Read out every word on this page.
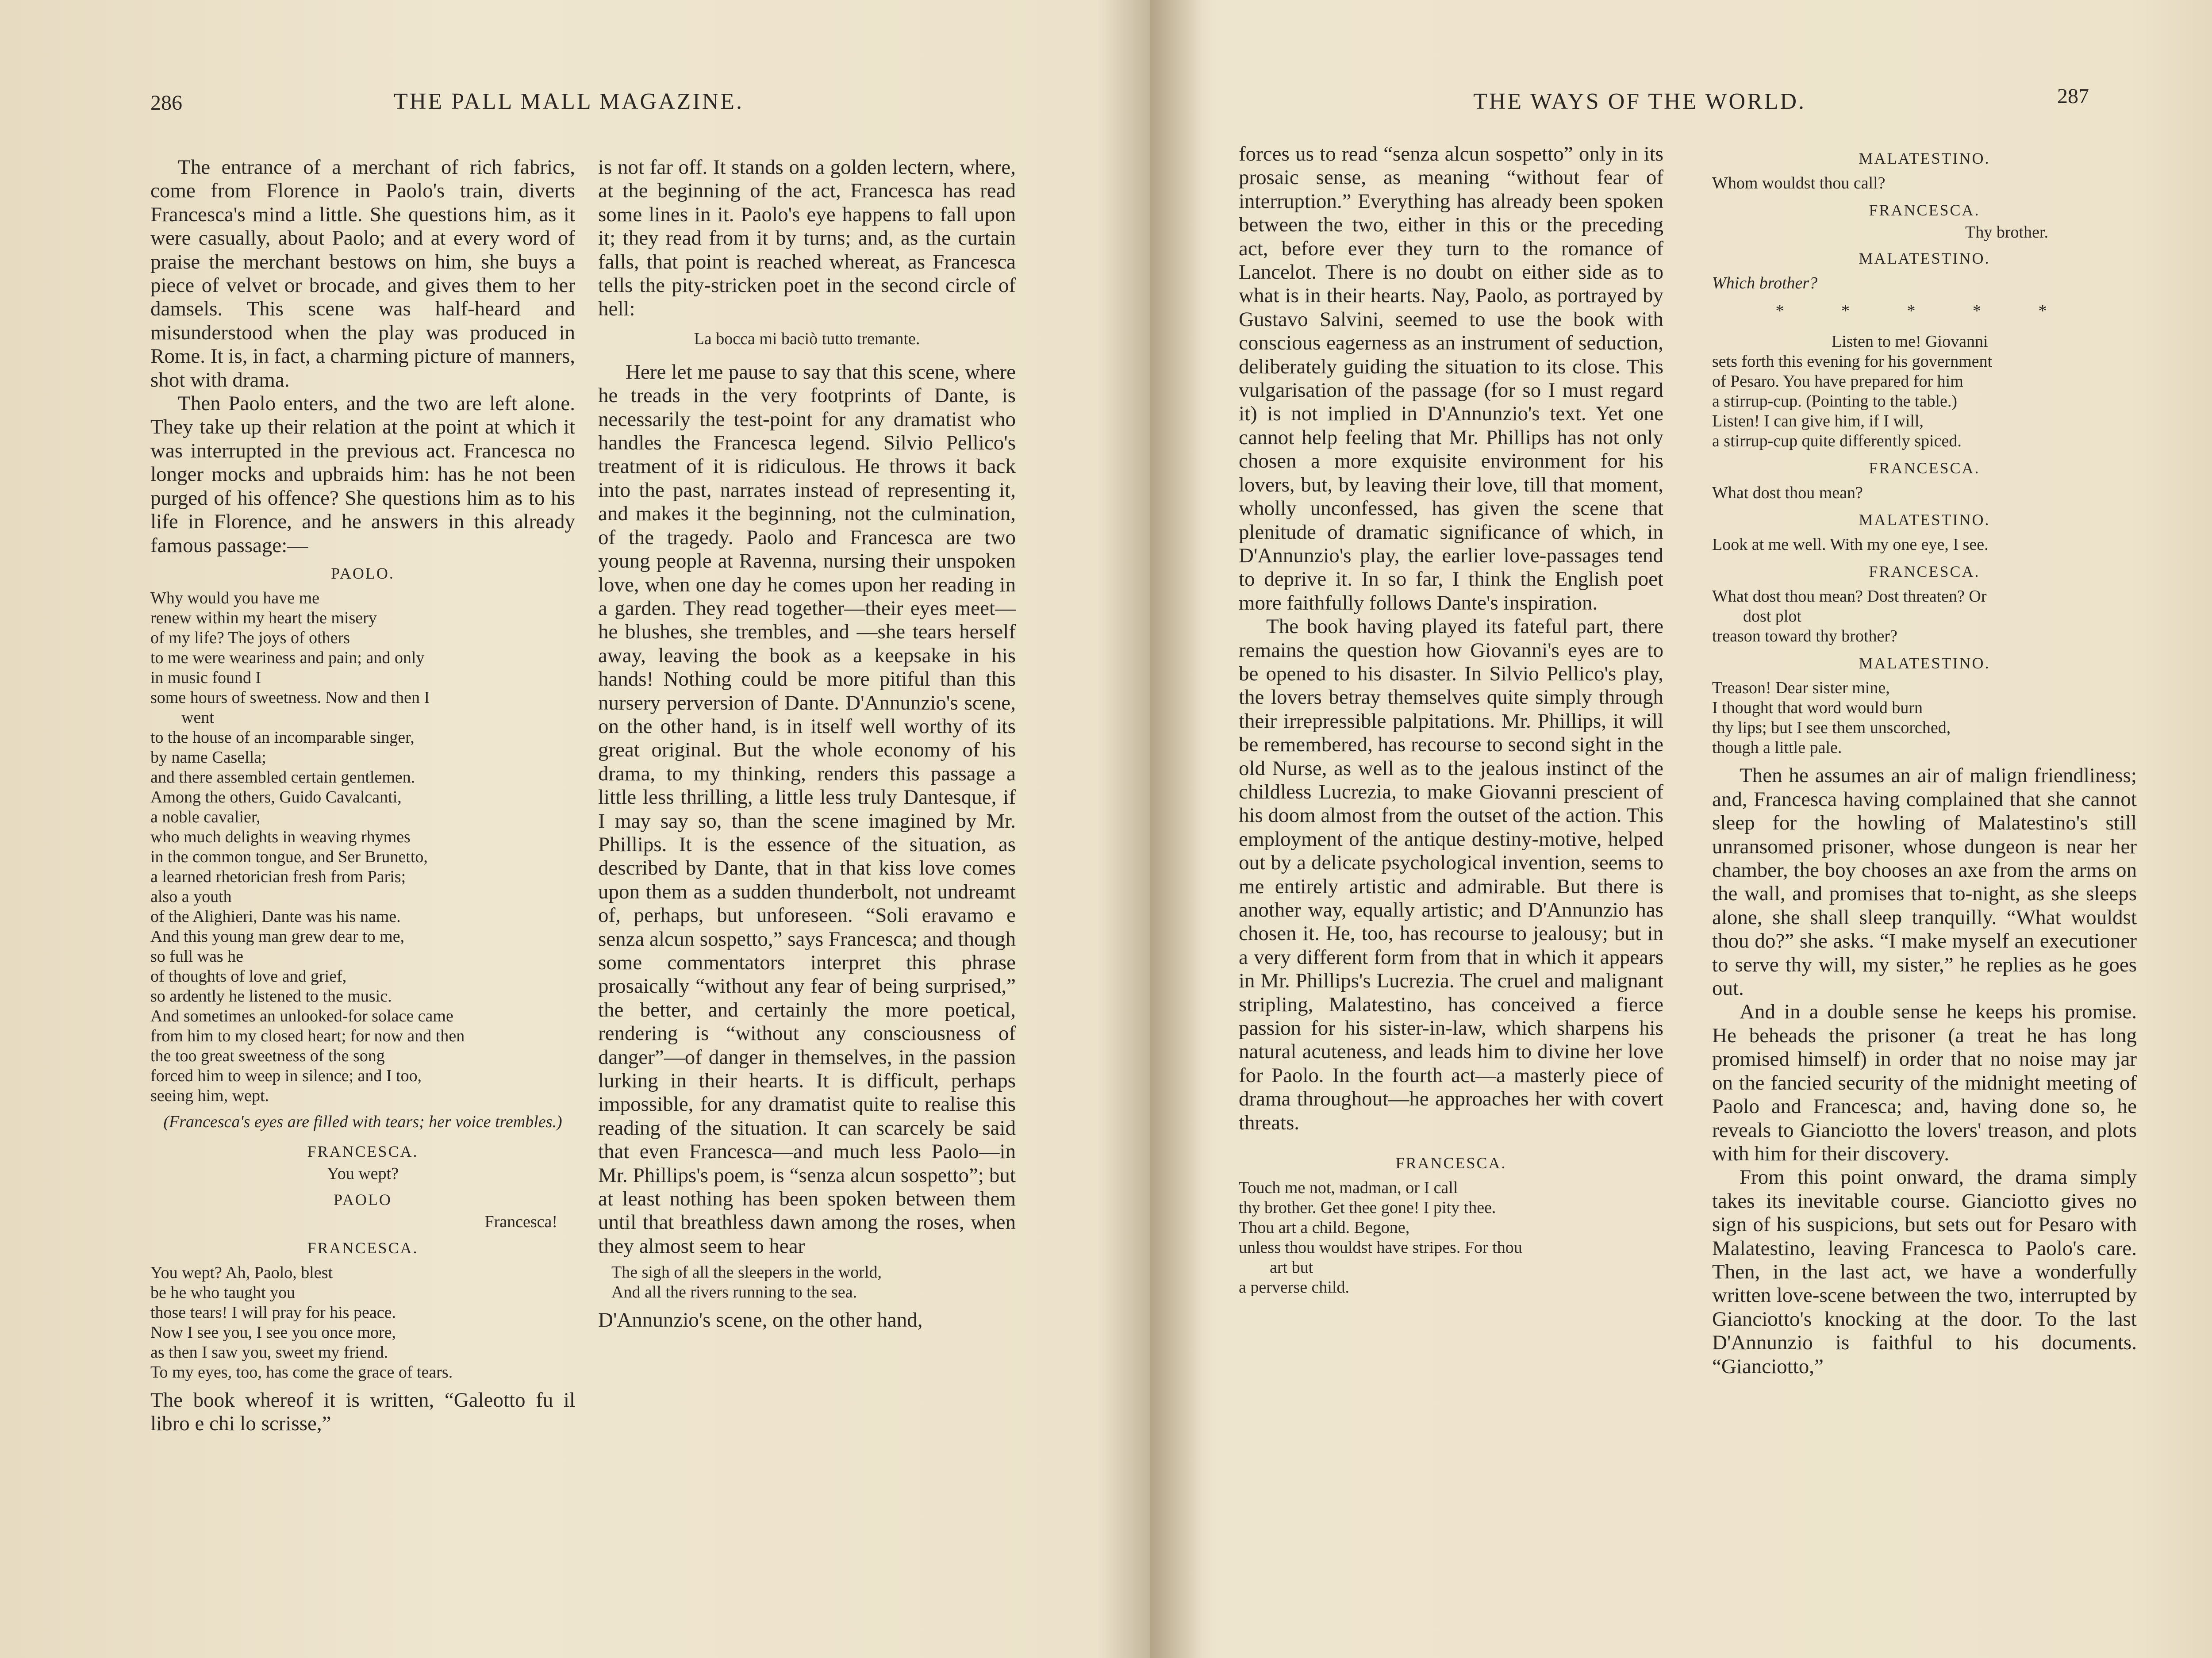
286	THE PALL MALL MAGAZINE.

The entrance of a merchant of rich fabrics, come from Florence in Paolo's train, diverts Francesca's mind a little. She questions him, as it were casually, about Paolo; and at every word of praise the merchant bestows on him, she buys a piece of velvet or brocade, and gives them to her damsels. This scene was half-heard and misunderstood when the play was produced in Rome. It is, in fact, a charming picture of manners, shot with drama.

Then Paolo enters, and the two are left alone. They take up their relation at the point at which it was interrupted in the previous act. Francesca no longer mocks and upbraids him: has he not been purged of his offence? She questions him as to his life in Florence, and he answers in this already famous passage:—

PAOLO.
Why would you have me
renew within my heart the misery
of my life? The joys of others
to me were weariness and pain; and only
in music found I
some hours of sweetness. Now and then I
went
to the house of an incomparable singer,
by name Casella;
and there assembled certain gentlemen.
Among the others, Guido Cavalcanti,
a noble cavalier,
who much delights in weaving rhymes
in the common tongue, and Ser Brunetto,
a learned rhetorician fresh from Paris;
also a youth
of the Alighieri, Dante was his name.
And this young man grew dear to me,
so full was he
of thoughts of love and grief,
so ardently he listened to the music.
And sometimes an unlooked-for solace came
from him to my closed heart; for now and then
the too great sweetness of the song
forced him to weep in silence; and I too,
seeing him, wept.
(Francesca's eyes are filled with tears; her voice trembles.)
FRANCESCA.
You wept?
PAOLO
Francesca!
FRANCESCA.
You wept? Ah, Paolo, blest
be he who taught you
those tears! I will pray for his peace.
Now I see you, I see you once more,
as then I saw you, sweet my friend.
To my eyes, too, has come the grace of tears.

The book whereof it is written, “Galeotto fu il libro e chi lo scrisse,”

is not far off. It stands on a golden lectern, where, at the beginning of the act, Francesca has read some lines in it. Paolo's eye happens to fall upon it; they read from it by turns; and, as the curtain falls, that point is reached whereat, as Francesca tells the pity-stricken poet in the second circle of hell:

La bocca mi baciò tutto tremante.

Here let me pause to say that this scene, where he treads in the very footprints of Dante, is necessarily the test-point for any dramatist who handles the Francesca legend. Silvio Pellico's treatment of it is ridiculous. He throws it back into the past, narrates instead of representing it, and makes it the beginning, not the culmination, of the tragedy. Paolo and Francesca are two young people at Ravenna, nursing their unspoken love, when one day he comes upon her reading in a garden. They read together—their eyes meet—he blushes, she trembles, and —she tears herself away, leaving the book as a keepsake in his hands! Nothing could be more pitiful than this nursery perversion of Dante. D'Annunzio's scene, on the other hand, is in itself well worthy of its great original. But the whole economy of his drama, to my thinking, renders this passage a little less thrilling, a little less truly Dantesque, if I may say so, than the scene imagined by Mr. Phillips. It is the essence of the situation, as described by Dante, that in that kiss love comes upon them as a sudden thunderbolt, not undreamt of, perhaps, but unforeseen. “Soli eravamo e senza alcun sospetto,” says Francesca; and though some commentators interpret this phrase prosaically “without any fear of being surprised,” the better, and certainly the more poetical, rendering is “without any consciousness of danger”—of danger in themselves, in the passion lurking in their hearts. It is difficult, perhaps impossible, for any dramatist quite to realise this reading of the situation. It can scarcely be said that even Francesca—and much less Paolo—in Mr. Phillips's poem, is “senza alcun sospetto”; but at least nothing has been spoken between them until that breathless dawn among the roses, when they almost seem to hear

The sigh of all the sleepers in the world,
And all the rivers running to the sea.

D'Annunzio's scene, on the other hand,

THE WAYS OF THE WORLD.	287

forces us to read “senza alcun sospetto” only in its prosaic sense, as meaning “without fear of interruption.” Everything has already been spoken between the two, either in this or the preceding act, before ever they turn to the romance of Lancelot. There is no doubt on either side as to what is in their hearts. Nay, Paolo, as portrayed by Gustavo Salvini, seemed to use the book with conscious eagerness as an instrument of seduction, deliberately guiding the situation to its close. This vulgarisation of the passage (for so I must regard it) is not implied in D'Annunzio's text. Yet one cannot help feeling that Mr. Phillips has not only chosen a more exquisite environment for his lovers, but, by leaving their love, till that moment, wholly unconfessed, has given the scene that plenitude of dramatic significance of which, in D'Annunzio's play, the earlier love-passages tend to deprive it. In so far, I think the English poet more faithfully follows Dante's inspiration.

The book having played its fateful part, there remains the question how Giovanni's eyes are to be opened to his disaster. In Silvio Pellico's play, the lovers betray themselves quite simply through their irrepressible palpitations. Mr. Phillips, it will be remembered, has recourse to second sight in the old Nurse, as well as to the jealous instinct of the childless Lucrezia, to make Giovanni prescient of his doom almost from the outset of the action. This employment of the antique destiny-motive, helped out by a delicate psychological invention, seems to me entirely artistic and admirable. But there is another way, equally artistic; and D'Annunzio has chosen it. He, too, has recourse to jealousy; but in a very different form from that in which it appears in Mr. Phillips's Lucrezia. The cruel and malignant stripling, Malatestino, has conceived a fierce passion for his sister-in-law, which sharpens his natural acuteness, and leads him to divine her love for Paolo. In the fourth act—a masterly piece of drama throughout—he approaches her with covert threats.

FRANCESCA.
Touch me not, madman, or I call
thy brother. Get thee gone! I pity thee.
Thou art a child. Begone,
unless thou wouldst have stripes. For thou
art but
a perverse child.
MALATESTINO.
Whom wouldst thou call?
FRANCESCA.
Thy brother.
MALATESTINO.
Which brother?
* * * * *
Listen to me! Giovanni
sets forth this evening for his government
of Pesaro. You have prepared for him
a stirrup-cup. (Pointing to the table.)
Listen! I can give him, if I will,
a stirrup-cup quite differently spiced.
FRANCESCA.
What dost thou mean?
MALATESTINO.
Look at me well. With my one eye, I see.
FRANCESCA.
What dost thou mean? Dost threaten? Or
dost plot
treason toward thy brother?
MALATESTINO.
Treason! Dear sister mine,
I thought that word would burn
thy lips; but I see them unscorched,
though a little pale.

Then he assumes an air of malign friendliness; and, Francesca having complained that she cannot sleep for the howling of Malatestino's still unransomed prisoner, whose dungeon is near her chamber, the boy chooses an axe from the arms on the wall, and promises that to-night, as she sleeps alone, she shall sleep tranquilly. “What wouldst thou do?” she asks. “I make myself an executioner to serve thy will, my sister,” he replies as he goes out.

And in a double sense he keeps his promise. He beheads the prisoner (a treat he has long promised himself) in order that no noise may jar on the fancied security of the midnight meeting of Paolo and Francesca; and, having done so, he reveals to Gianciotto the lovers' treason, and plots with him for their discovery.

From this point onward, the drama simply takes its inevitable course. Gianciotto gives no sign of his suspicions, but sets out for Pesaro with Malatestino, leaving Francesca to Paolo's care. Then, in the last act, we have a wonderfully written love-scene between the two, interrupted by Gianciotto's knocking at the door. To the last D'Annunzio is faithful to his documents. “Gianciotto,”
